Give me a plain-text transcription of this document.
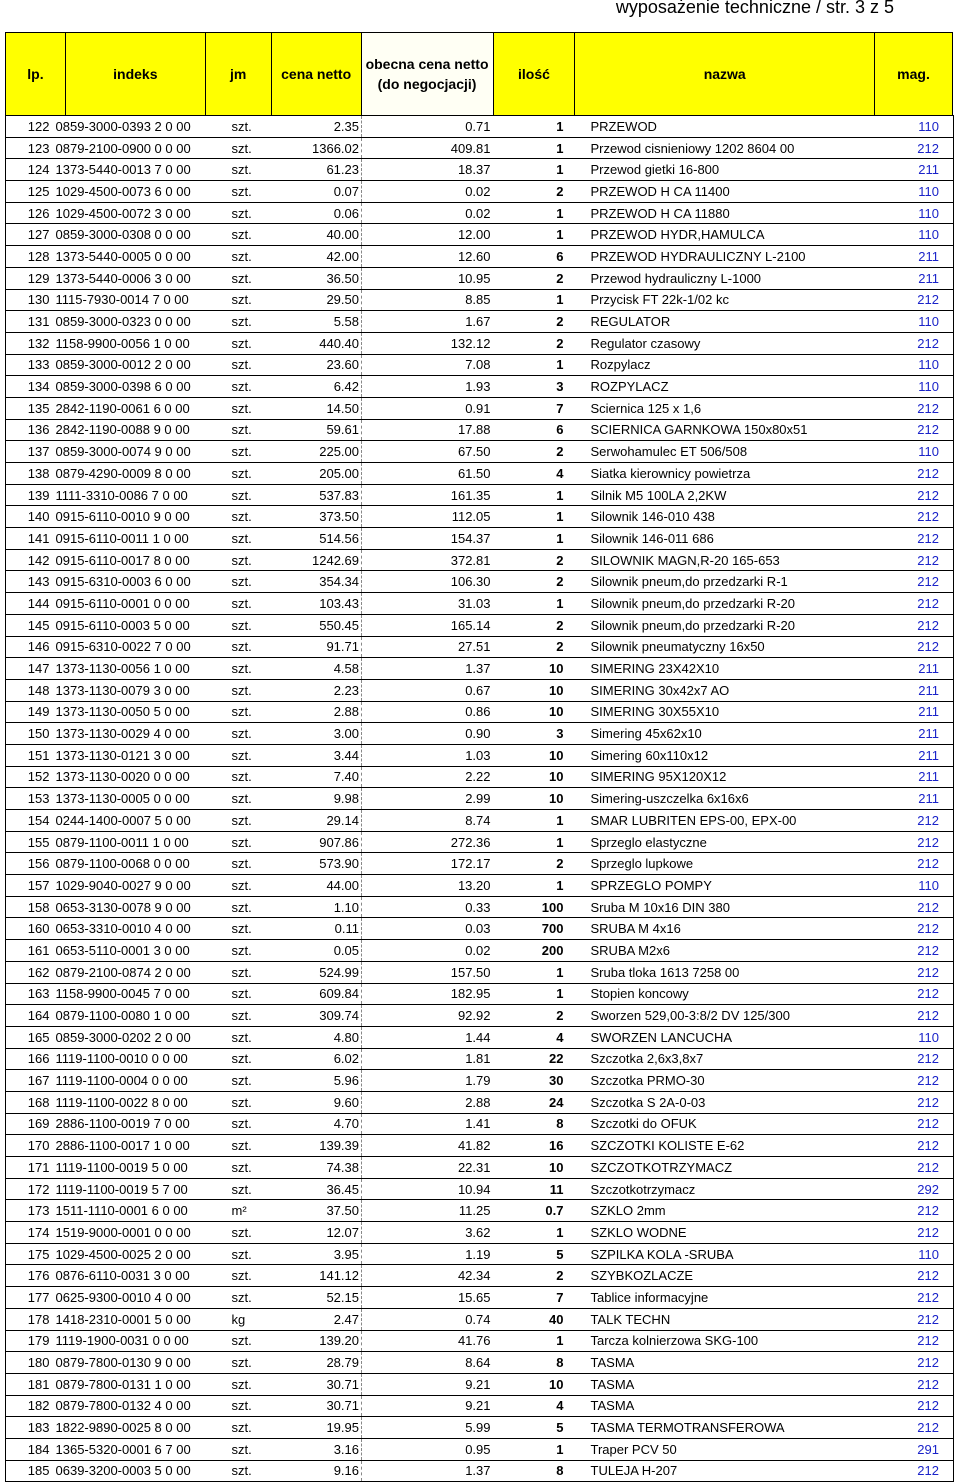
wyposażenie techniczne / str. 3 z 5
lp.	indeks	jm	cena netto	obecna cena netto (do negocjacji)	ilość	nazwa	mag.
122	0859-3000-0393 2 0 00	szt.	2.35	0.71	1	PRZEWOD	110
123	0879-2100-0900 0 0 00	szt.	1366.02	409.81	1	Przewod cisnieniowy 1202 8604 00	212
124	1373-5440-0013 7 0 00	szt.	61.23	18.37	1	Przewod gietki 16-800	211
125	1029-4500-0073 6 0 00	szt.	0.07	0.02	2	PRZEWOD H CA 11400	110
126	1029-4500-0072 3 0 00	szt.	0.06	0.02	1	PRZEWOD H CA 11880	110
127	0859-3000-0308 0 0 00	szt.	40.00	12.00	1	PRZEWOD HYDR,HAMULCA	110
128	1373-5440-0005 0 0 00	szt.	42.00	12.60	6	PRZEWOD HYDRAULICZNY L-2100	211
129	1373-5440-0006 3 0 00	szt.	36.50	10.95	2	Przewod hydrauliczny L-1000	211
130	1115-7930-0014 7 0 00	szt.	29.50	8.85	1	Przycisk FT 22k-1/02 kc	212
131	0859-3000-0323 0 0 00	szt.	5.58	1.67	2	REGULATOR	110
132	1158-9900-0056 1 0 00	szt.	440.40	132.12	2	Regulator czasowy	212
133	0859-3000-0012 2 0 00	szt.	23.60	7.08	1	Rozpylacz	110
134	0859-3000-0398 6 0 00	szt.	6.42	1.93	3	ROZPYLACZ	110
135	2842-1190-0061 6 0 00	szt.	14.50	0.91	7	Sciernica 125 x 1,6	212
136	2842-1190-0088 9 0 00	szt.	59.61	17.88	6	SCIERNICA GARNKOWA 150x80x51	212
137	0859-3000-0074 9 0 00	szt.	225.00	67.50	2	Serwohamulec ET 506/508	110
138	0879-4290-0009 8 0 00	szt.	205.00	61.50	4	Siatka kierownicy powietrza	212
139	1111-3310-0086 7 0 00	szt.	537.83	161.35	1	Silnik M5 100LA 2,2KW	212
140	0915-6110-0010 9 0 00	szt.	373.50	112.05	1	Silownik 146-010 438	212
141	0915-6110-0011 1 0 00	szt.	514.56	154.37	1	Silownik 146-011 686	212
142	0915-6110-0017 8 0 00	szt.	1242.69	372.81	2	SILOWNIK MAGN,R-20 165-653	212
143	0915-6310-0003 6 0 00	szt.	354.34	106.30	2	Silownik pneum,do przedzarki R-1	212
144	0915-6110-0001 0 0 00	szt.	103.43	31.03	1	Silownik pneum,do przedzarki R-20	212
145	0915-6110-0003 5 0 00	szt.	550.45	165.14	2	Silownik pneum,do przedzarki R-20	212
146	0915-6310-0022 7 0 00	szt.	91.71	27.51	2	Silownik pneumatyczny 16x50	212
147	1373-1130-0056 1 0 00	szt.	4.58	1.37	10	SIMERING 23X42X10	211
148	1373-1130-0079 3 0 00	szt.	2.23	0.67	10	SIMERING 30x42x7 AO	211
149	1373-1130-0050 5 0 00	szt.	2.88	0.86	10	SIMERING 30X55X10	211
150	1373-1130-0029 4 0 00	szt.	3.00	0.90	3	Simering 45x62x10	211
151	1373-1130-0121 3 0 00	szt.	3.44	1.03	10	Simering 60x110x12	211
152	1373-1130-0020 0 0 00	szt.	7.40	2.22	10	SIMERING 95X120X12	211
153	1373-1130-0005 0 0 00	szt.	9.98	2.99	10	Simering-uszczelka 6x16x6	211
154	0244-1400-0007 5 0 00	szt.	29.14	8.74	1	SMAR LUBRITEN EPS-00, EPX-00	212
155	0879-1100-0011 1 0 00	szt.	907.86	272.36	1	Sprzeglo elastyczne	212
156	0879-1100-0068 0 0 00	szt.	573.90	172.17	2	Sprzeglo lupkowe	212
157	1029-9040-0027 9 0 00	szt.	44.00	13.20	1	SPRZEGLO POMPY	110
158	0653-3130-0078 9 0 00	szt.	1.10	0.33	100	Sruba M 10x16 DIN 380	212
160	0653-3310-0010 4 0 00	szt.	0.11	0.03	700	SRUBA M 4x16	212
161	0653-5110-0001 3 0 00	szt.	0.05	0.02	200	SRUBA M2x6	212
162	0879-2100-0874 2 0 00	szt.	524.99	157.50	1	Sruba tloka 1613 7258 00	212
163	1158-9900-0045 7 0 00	szt.	609.84	182.95	1	Stopien koncowy	212
164	0879-1100-0080 1 0 00	szt.	309.74	92.92	2	Sworzen 529,00-3:8/2 DV 125/300	212
165	0859-3000-0202 2 0 00	szt.	4.80	1.44	4	SWORZEN LANCUCHA	110
166	1119-1100-0010 0 0 00	szt.	6.02	1.81	22	Szczotka 2,6x3,8x7	212
167	1119-1100-0004 0 0 00	szt.	5.96	1.79	30	Szczotka PRMO-30	212
168	1119-1100-0022 8 0 00	szt.	9.60	2.88	24	Szczotka S 2A-0-03	212
169	2886-1100-0019 7 0 00	szt.	4.70	1.41	8	Szczotki do OFUK	212
170	2886-1100-0017 1 0 00	szt.	139.39	41.82	16	SZCZOTKI KOLISTE E-62	212
171	1119-1100-0019 5 0 00	szt.	74.38	22.31	10	SZCZOTKOTRZYMACZ	212
172	1119-1100-0019 5 7 00	szt.	36.45	10.94	11	Szczotkotrzymacz	292
173	1511-1110-0001 6 0 00	m²	37.50	11.25	0.7	SZKLO 2mm	212
174	1519-9000-0001 0 0 00	szt.	12.07	3.62	1	SZKLO WODNE	212
175	1029-4500-0025 2 0 00	szt.	3.95	1.19	5	SZPILKA KOLA -SRUBA	110
176	0876-6110-0031 3 0 00	szt.	141.12	42.34	2	SZYBKOZLACZE	212
177	0625-9300-0010 4 0 00	szt.	52.15	15.65	7	Tablice informacyjne	212
178	1418-2310-0001 5 0 00	kg	2.47	0.74	40	TALK TECHN	212
179	1119-1900-0031 0 0 00	szt.	139.20	41.76	1	Tarcza kolnierzowa SKG-100	212
180	0879-7800-0130 9 0 00	szt.	28.79	8.64	8	TASMA	212
181	0879-7800-0131 1 0 00	szt.	30.71	9.21	10	TASMA	212
182	0879-7800-0132 4 0 00	szt.	30.71	9.21	4	TASMA	212
183	1822-9890-0025 8 0 00	szt.	19.95	5.99	5	TASMA TERMOTRANSFEROWA	212
184	1365-5320-0001 6 7 00	szt.	3.16	0.95	1	Traper PCV 50	291
185	0639-3200-0003 5 0 00	szt.	9.16	1.37	8	TULEJA H-207	212
